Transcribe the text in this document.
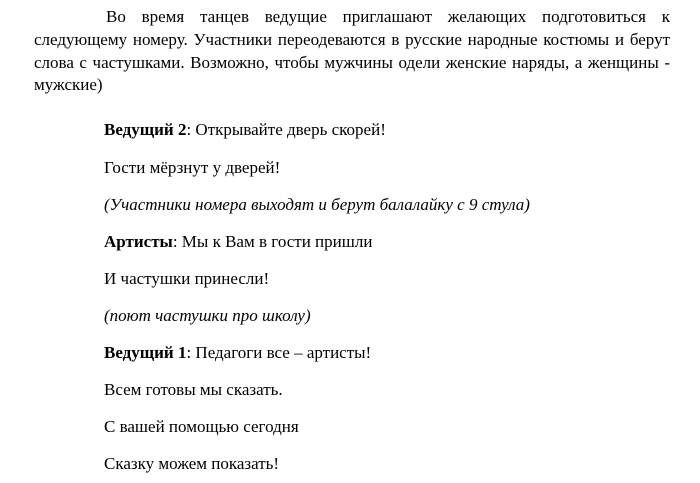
Во время танцев ведущие приглашают желающих подготовиться к следующему номеру. Участники переодеваются в русские народные костюмы и берут слова с частушками. Возможно, чтобы мужчины одели женские наряды, а женщины - мужские)
Ведущий 2: Открывайте дверь скорей!
Гости мёрзнут у дверей!
(Участники номера выходят и берут балалайку с 9 стула)
Артисты: Мы к Вам в гости пришли
И частушки принесли!
(поют частушки про школу)
Ведущий 1: Педагоги все – артисты!
Всем готовы мы сказать.
С вашей помощью сегодня
Сказку можем показать!
